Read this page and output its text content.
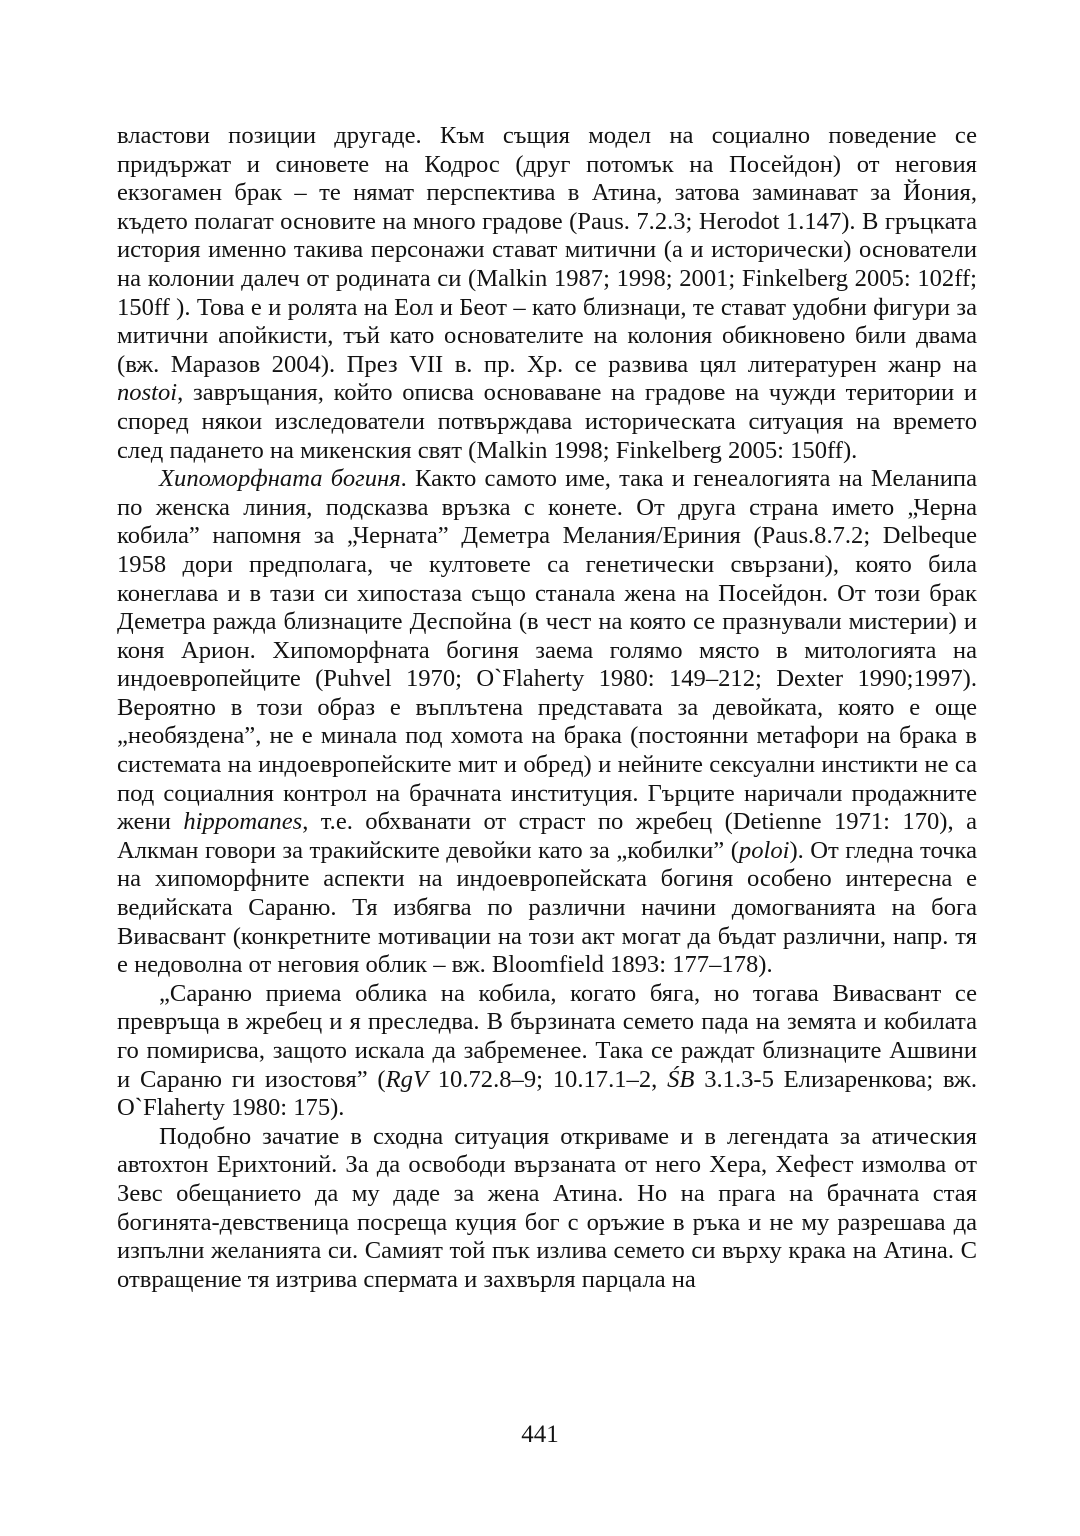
властови позиции другаде. Към същия модел на социално поведение се придържат и синовете на Кодрос (друг потомък на Посейдон) от неговия екзогамен брак – те нямат перспектива в Атина, затова заминават за Йония, където полагат основите на много градове (Paus. 7.2.3; Herodot 1.147). В гръцката история именно такива персонажи стават митични (а и исторически) основатели на колонии далеч от родината си (Malkin 1987; 1998; 2001; Finkelberg 2005: 102ff; 150ff ). Това е и ролята на Еол и Беот – като близнаци, те стават удобни фигури за митични апойкисти, тъй като основателите на колония обикновено били двама (вж. Маразов 2004). През VII в. пр. Хр. се развива цял литературен жанр на nostoi, завръщания, който описва основаване на градове на чужди територии и според някои изследователи потвърждава историческата ситуация на времето след падането на микенския свят (Malkin 1998; Finkelberg 2005: 150ff).

Хипоморфната богиня. Както самото име, така и генеалогията на Меланипа по женска линия, подсказва връзка с конете. От друга страна името „Черна кобила” напомня за „Черната” Деметра Мелания/Ериния (Paus.8.7.2; Delbeque 1958 дори предполага, че култовете са генетически свързани), която била конеглава и в тази си хипостаза също станала жена на Посейдон. От този брак Деметра ражда близнаците Деспойна (в чест на която се празнували мистерии) и коня Арион. Хипоморфната богиня заема голямо място в митологията на индоевропейците (Puhvel 1970; O`Flaherty 1980: 149–212; Dexter 1990;1997). Вероятно в този образ е въплътена представата за девойката, която е още „необяздена”, не е минала под хомота на брака (постоянни метафори на брака в системата на индоевропейските мит и обред) и нейните сексуални инстикти не са под социалния контрол на брачната институция. Гърците наричали продажните жени hippomanes, т.е. обхванати от страст по жребец (Detienne 1971: 170), а Алкман говори за тракийските девойки като за „кобилки” (poloi). От гледна точка на хипоморфните аспекти на индоевропейската богиня особено интересна е ведийската Сараню. Тя избягва по различни начини домогванията на бога Вивасвант (конкретните мотивации на този акт могат да бъдат различни, напр. тя е недоволна от неговия облик – вж. Bloomfield 1893: 177–178).

„Сараню приема облика на кобила, когато бяга, но тогава Вивасвант се превръща в жребец и я преследва. В бързината семето пада на земята и кобилата го помирисва, защото искала да забременее. Така се раждат близнаците Ашвини и Сараню ги изостовя” (RgV 10.72.8–9; 10.17.1–2, ŚB 3.1.3-5 Елизаренкова; вж. O`Flaherty 1980: 175).

Подобно зачатие в сходна ситуация откриваме и в легендата за атическия автохтон Ерихтоний. За да освободи вързаната от него Хера, Хефест измолва от Зевс обещанието да му даде за жена Атина. Но на прага на брачната стая богинята-девственица посреща куция бог с оръжие в ръка и не му разрешава да изпълни желанията си. Самият той пък излива семето си върху крака на Атина. С отвращение тя изтрива спермата и захвърля парцала на

441
